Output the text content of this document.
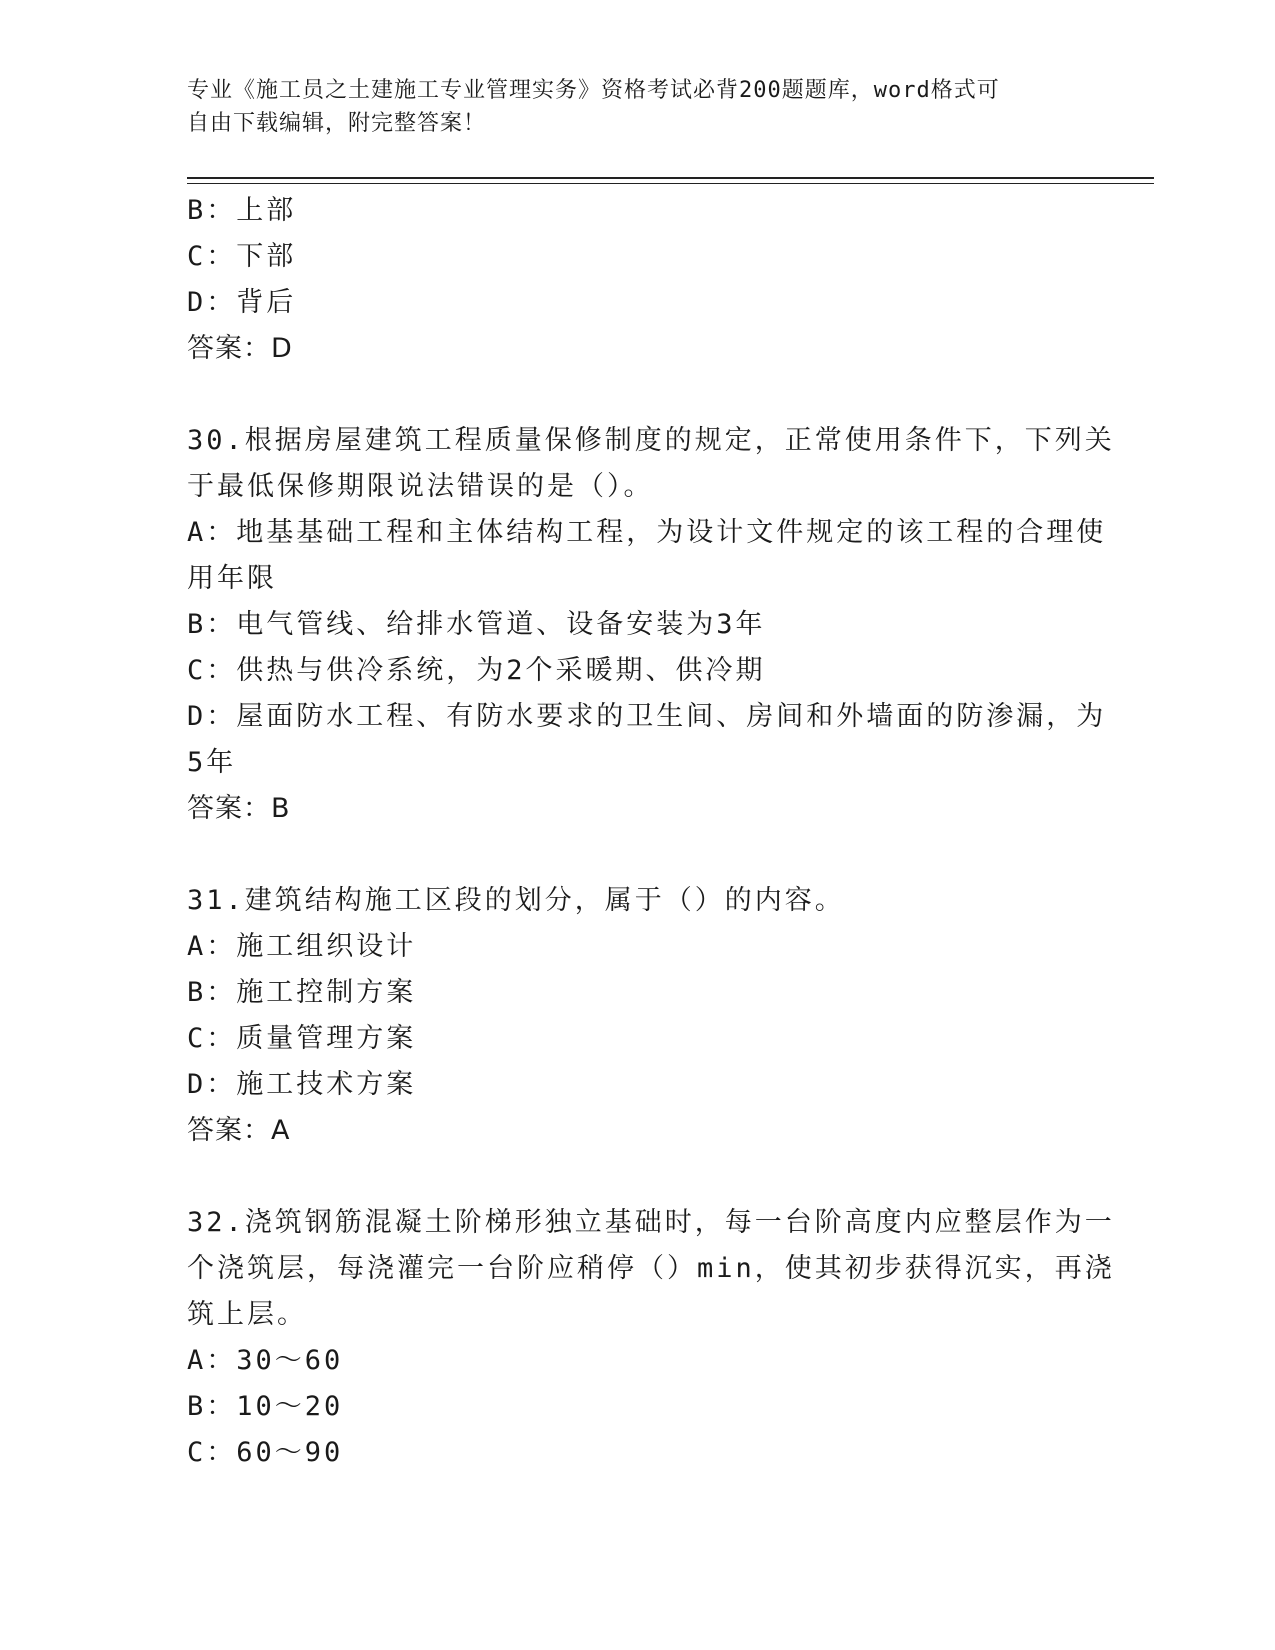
专业《施工员之土建施工专业管理实务》资格考试必背200题题库，word格式可
自由下载编辑，附完整答案！
B：上部
C：下部
D：背后
答案：D
30.根据房屋建筑工程质量保修制度的规定，正常使用条件下，下列关
于最低保修期限说法错误的是（）。
A：地基基础工程和主体结构工程，为设计文件规定的该工程的合理使
用年限
B：电气管线、给排水管道、设备安装为3年
C：供热与供冷系统，为2个采暖期、供冷期
D：屋面防水工程、有防水要求的卫生间、房间和外墙面的防渗漏，为
5年
答案：B
31.建筑结构施工区段的划分，属于（）的内容。
A：施工组织设计
B：施工控制方案
C：质量管理方案
D：施工技术方案
答案：A
32.浇筑钢筋混凝土阶梯形独立基础时，每一台阶高度内应整层作为一
个浇筑层，每浇灌完一台阶应稍停（）min，使其初步获得沉实，再浇
筑上层。
A：30～60
B：10～20
C：60～90
